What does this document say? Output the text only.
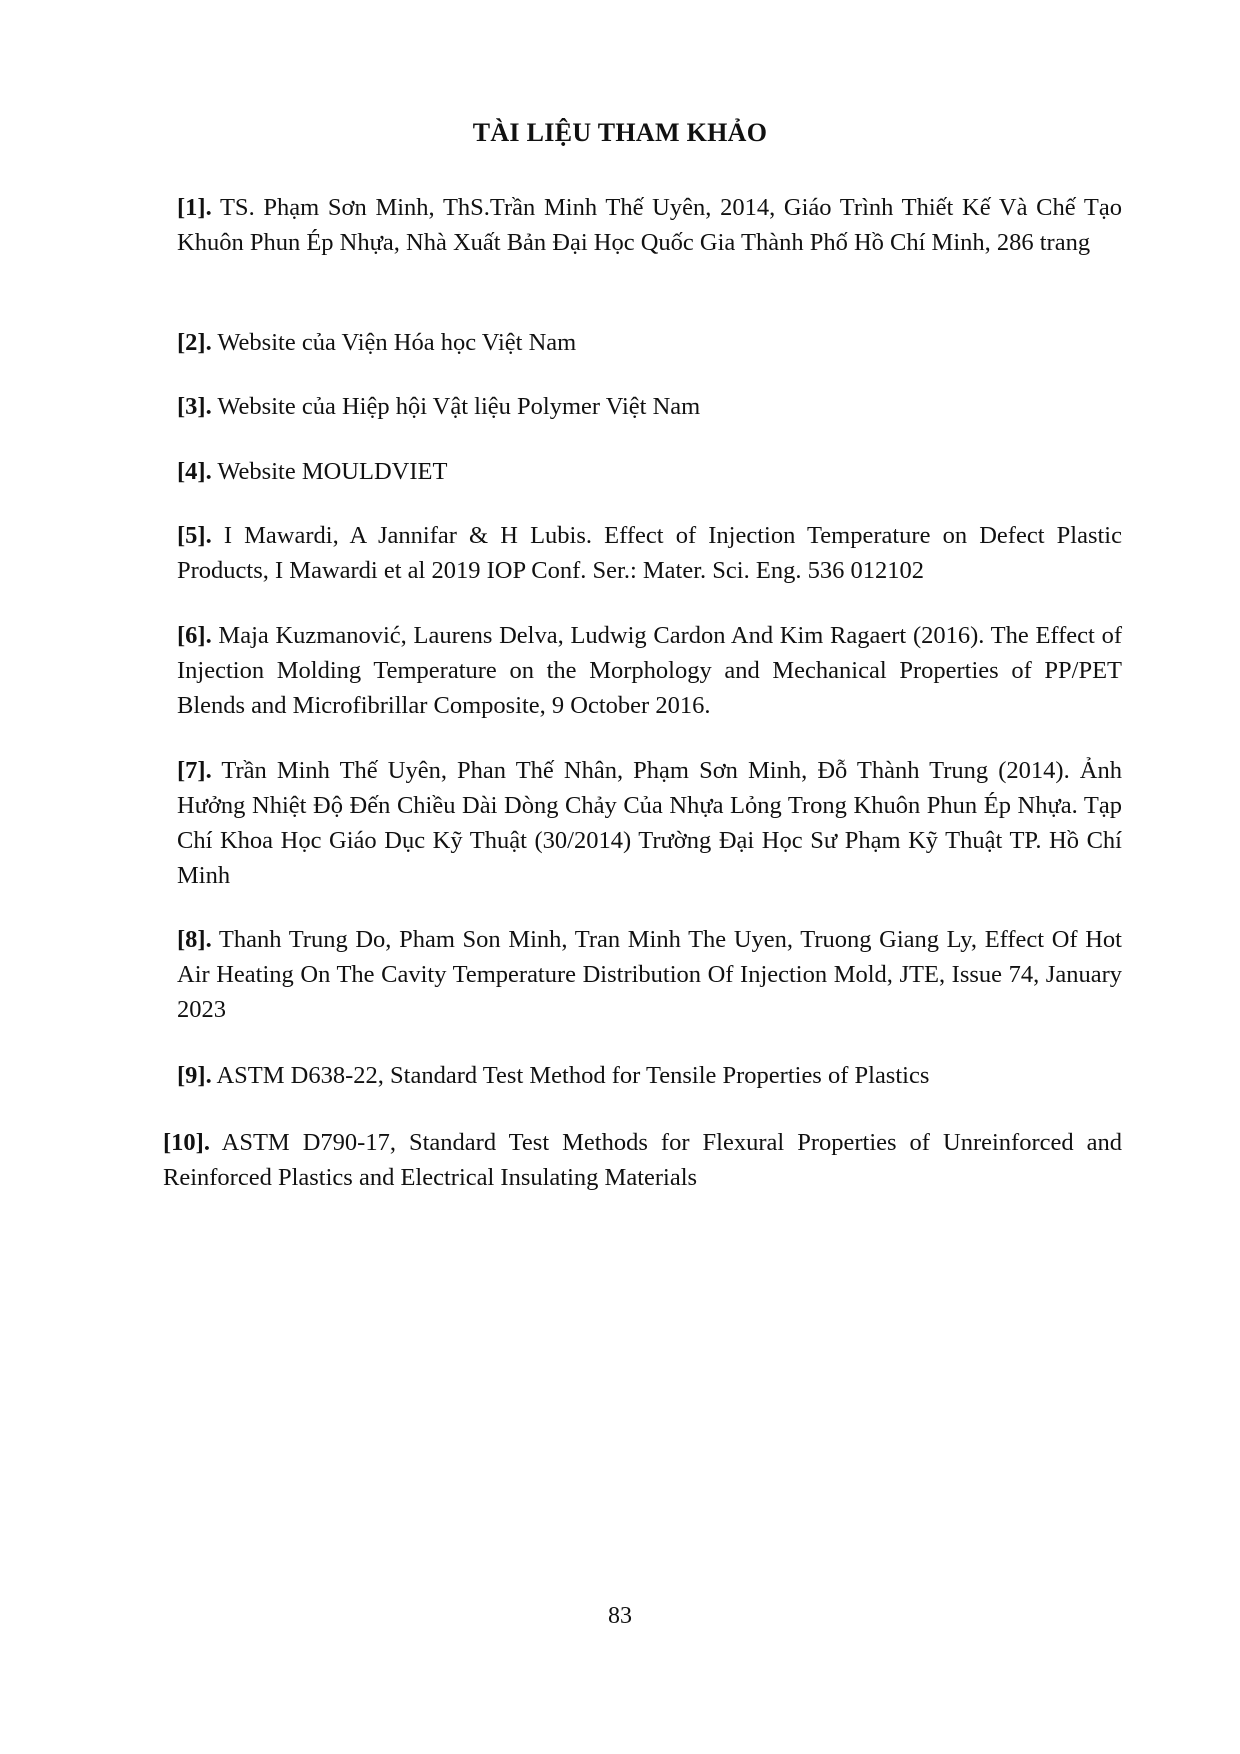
TÀI LIỆU THAM KHẢO

[1]. TS. Phạm Sơn Minh, ThS.Trần Minh Thế Uyên, 2014, Giáo Trình Thiết Kế Và Chế Tạo Khuôn Phun Ép Nhựa, Nhà Xuất Bản Đại Học Quốc Gia Thành Phố Hồ Chí Minh, 286 trang

[2]. Website của Viện Hóa học Việt Nam

[3]. Website của Hiệp hội Vật liệu Polymer Việt Nam

[4]. Website MOULDVIET

[5]. I Mawardi, A Jannifar & H Lubis. Effect of Injection Temperature on Defect Plastic Products, I Mawardi et al 2019 IOP Conf. Ser.: Mater. Sci. Eng. 536 012102

[6]. Maja Kuzmanović, Laurens Delva, Ludwig Cardon And Kim Ragaert (2016). The Effect of Injection Molding Temperature on the Morphology and Mechanical Properties of PP/PET Blends and Microfibrillar Composite, 9 October 2016.

[7]. Trần Minh Thế Uyên, Phan Thế Nhân, Phạm Sơn Minh, Đỗ Thành Trung (2014). Ảnh Hưởng Nhiệt Độ Đến Chiều Dài Dòng Chảy Của Nhựa Lỏng Trong Khuôn Phun Ép Nhựa. Tạp Chí Khoa Học Giáo Dục Kỹ Thuật (30/2014) Trường Đại Học Sư Phạm Kỹ Thuật TP. Hồ Chí Minh

[8]. Thanh Trung Do, Pham Son Minh, Tran Minh The Uyen, Truong Giang Ly, Effect Of Hot Air Heating On The Cavity Temperature Distribution Of Injection Mold, JTE, Issue 74, January 2023

[9]. ASTM D638-22, Standard Test Method for Tensile Properties of Plastics

[10]. ASTM D790-17, Standard Test Methods for Flexural Properties of Unreinforced and Reinforced Plastics and Electrical Insulating Materials

83
